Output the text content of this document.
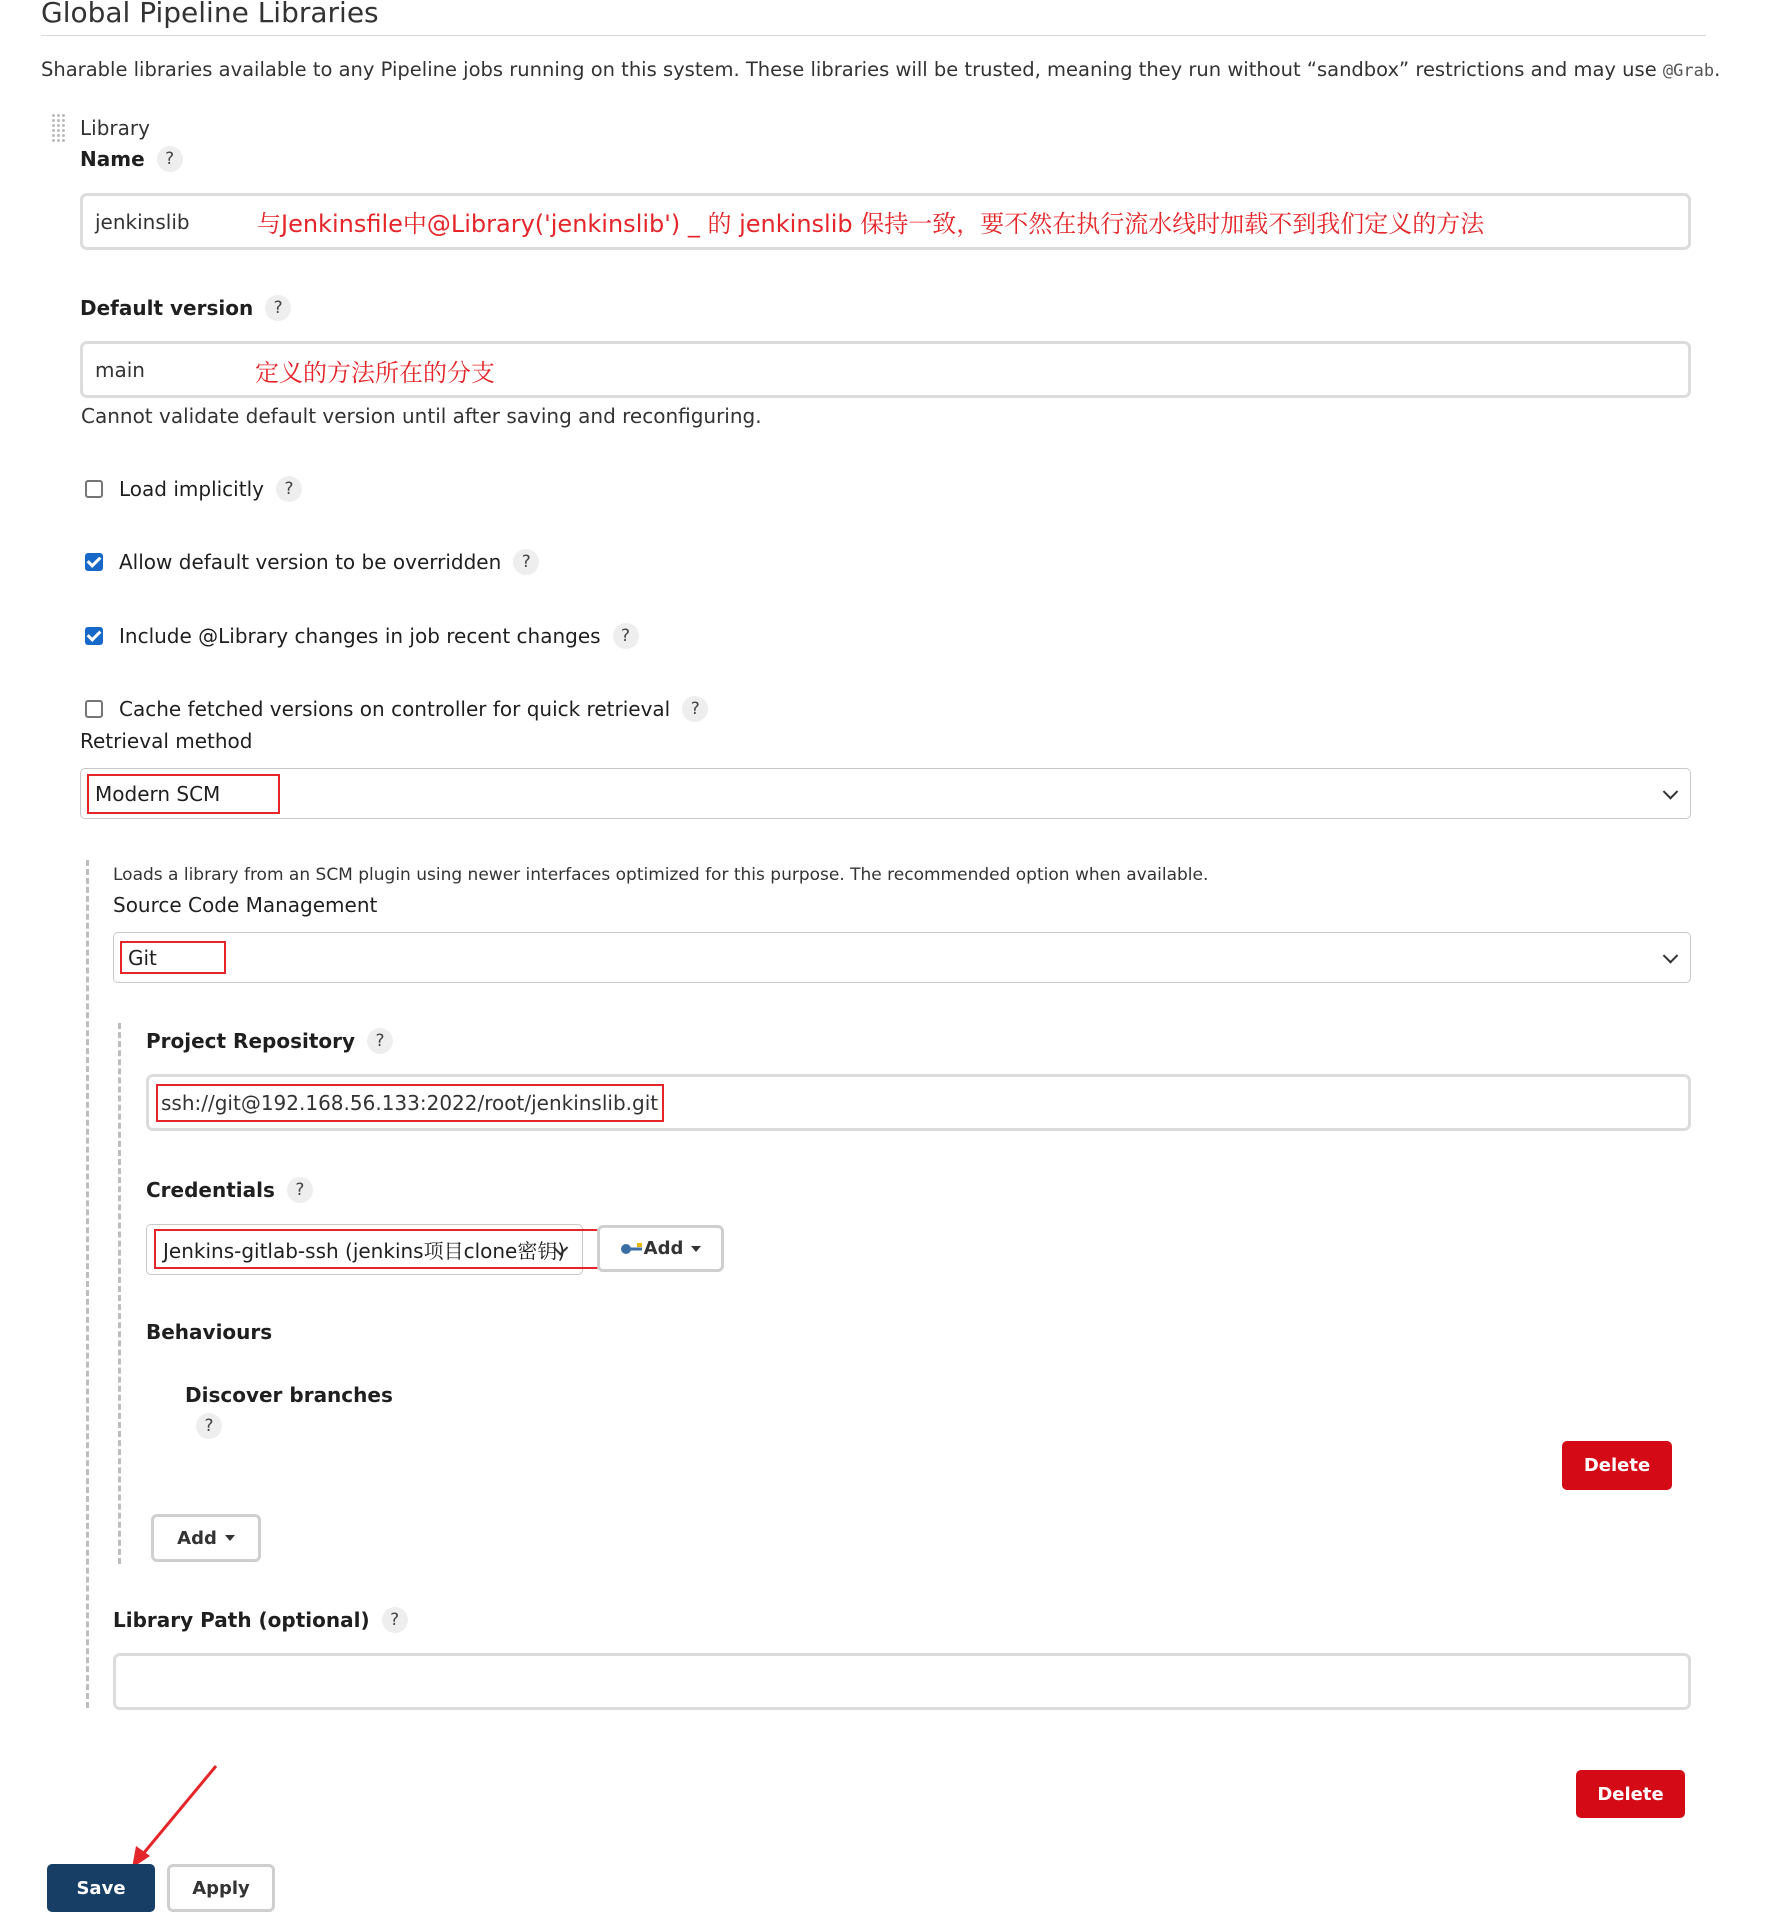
Global Pipeline Libraries
Sharable libraries available to any Pipeline jobs running on this system. These libraries will be trusted, meaning they run without “sandbox” restrictions and may use @Grab.
Library
Name	?
jenkinslib	与Jenkinsfile中@Library('jenkinslib') _ 的 jenkinslib 保持一致，要不然在执行流水线时加载不到我们定义的方法
Default version	?
main	定义的方法所在的分支
Cannot validate default version until after saving and reconfiguring.
Load implicitly	?
Allow default version to be overridden	?
Include @Library changes in job recent changes	?
Cache fetched versions on controller for quick retrieval	?
Retrieval method
Modern SCM
Loads a library from an SCM plugin using newer interfaces optimized for this purpose. The recommended option when available.
Source Code Management
Git
Project Repository	?
ssh://git@192.168.56.133:2022/root/jenkinslib.git
Credentials	?
Jenkins-gitlab-ssh (jenkins项目clone密钥)	Add
Behaviours
Discover branches
?
Delete
Add
Library Path (optional)	?
Delete
Save	Apply
